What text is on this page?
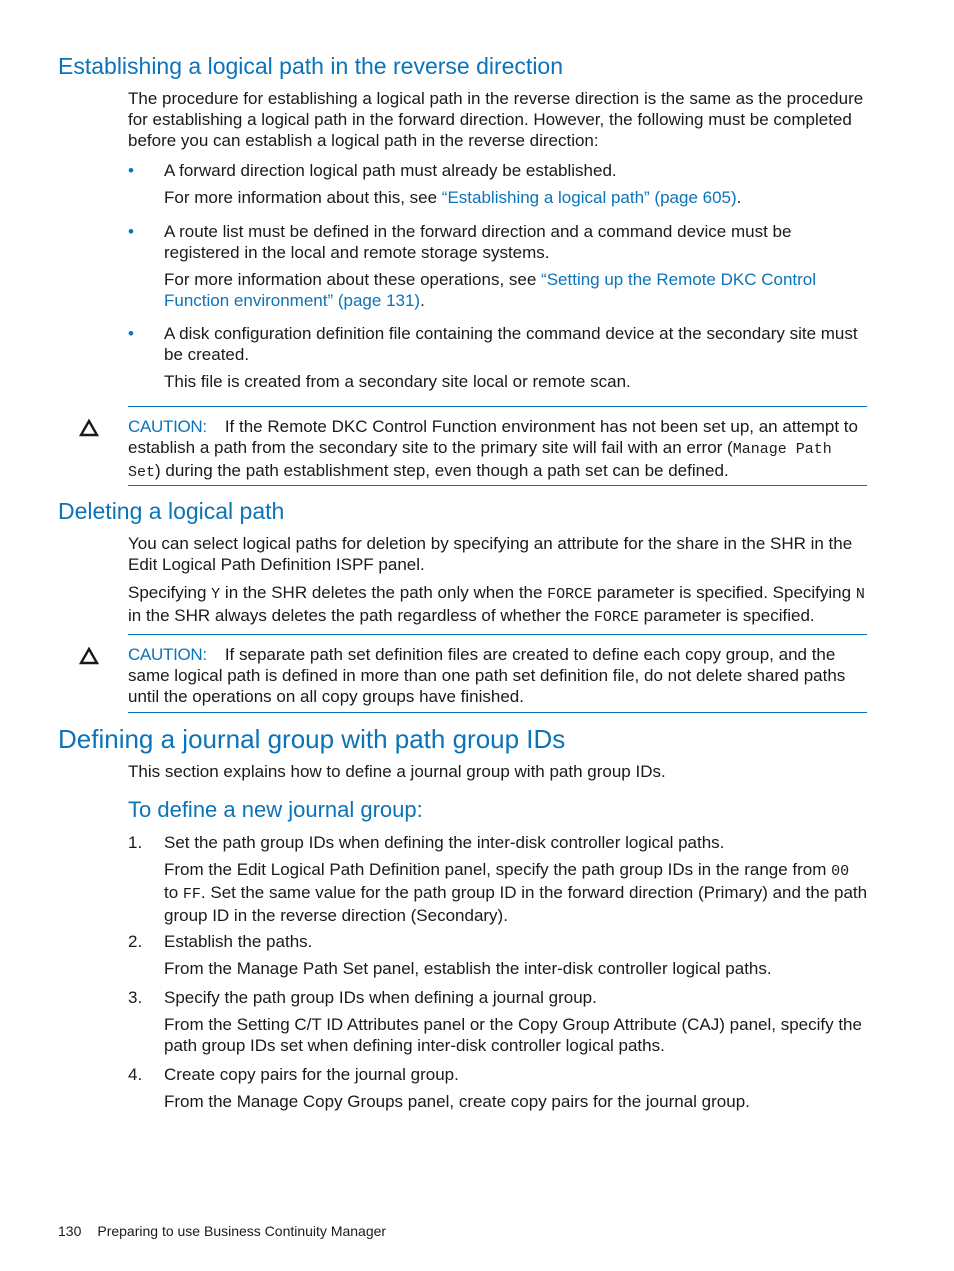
Establishing a logical path in the reverse direction

The procedure for establishing a logical path in the reverse direction is the same as the procedure for establishing a logical path in the forward direction. However, the following must be completed before you can establish a logical path in the reverse direction:

• A forward direction logical path must already be established.

For more information about this, see “Establishing a logical path” (page 605).

• A route list must be defined in the forward direction and a command device must be registered in the local and remote storage systems.

For more information about these operations, see “Setting up the Remote DKC Control Function environment” (page 131).

• A disk configuration definition file containing the command device at the secondary site must be created.

This file is created from a secondary site local or remote scan.

CAUTION: If the Remote DKC Control Function environment has not been set up, an attempt to establish a path from the secondary site to the primary site will fail with an error (Manage Path Set) during the path establishment step, even though a path set can be defined.

Deleting a logical path

You can select logical paths for deletion by specifying an attribute for the share in the SHR in the Edit Logical Path Definition ISPF panel.

Specifying Y in the SHR deletes the path only when the FORCE parameter is specified. Specifying N in the SHR always deletes the path regardless of whether the FORCE parameter is specified.

CAUTION: If separate path set definition files are created to define each copy group, and the same logical path is defined in more than one path set definition file, do not delete shared paths until the operations on all copy groups have finished.

Defining a journal group with path group IDs

This section explains how to define a journal group with path group IDs.

To define a new journal group:
1. Set the path group IDs when defining the inter-disk controller logical paths.

From the Edit Logical Path Definition panel, specify the path group IDs in the range from 00 to FF. Set the same value for the path group ID in the forward direction (Primary) and the path group ID in the reverse direction (Secondary).

2. Establish the paths.

From the Manage Path Set panel, establish the inter-disk controller logical paths.

3. Specify the path group IDs when defining a journal group.

From the Setting C/T ID Attributes panel or the Copy Group Attribute (CAJ) panel, specify the path group IDs set when defining inter-disk controller logical paths.

4. Create copy pairs for the journal group.

From the Manage Copy Groups panel, create copy pairs for the journal group.

130 Preparing to use Business Continuity Manager
